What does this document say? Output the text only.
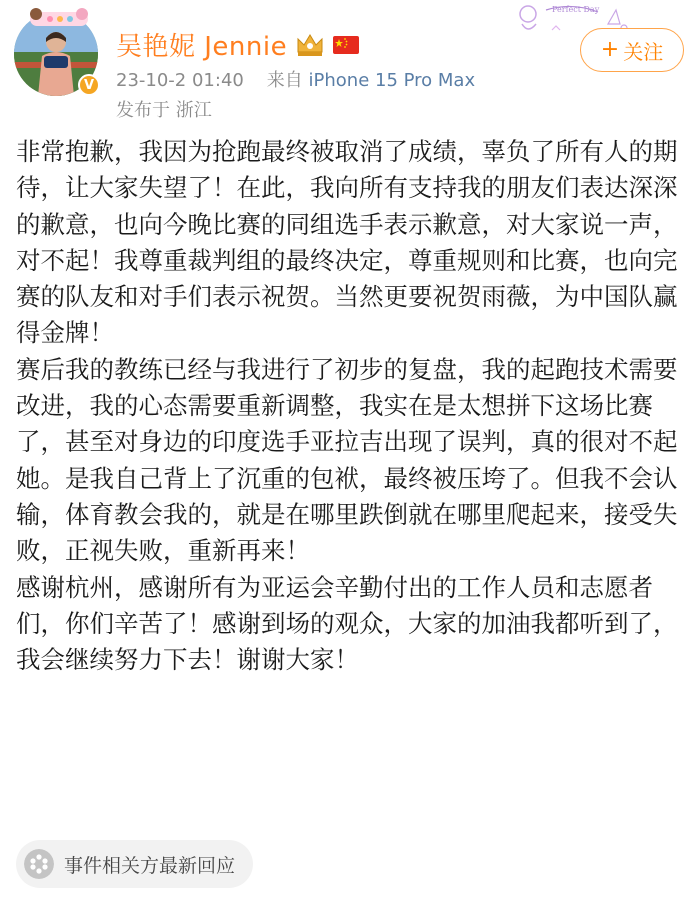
V
吴艳妮 Jennie
23-10-2 01:40 来自 iPhone 15 Pro Max
发布于 浙江
Perfect Day
+ 关注

非常抱歉，我因为抢跑最终被取消了成绩，辜负了所有人的期待，让大家失望了！在此，我向所有支持我的朋友们表达深深的歉意，也向今晚比赛的同组选手表示歉意，对大家说一声，对不起！我尊重裁判组的最终决定，尊重规则和比赛，也向完赛的队友和对手们表示祝贺。当然更要祝贺雨薇，为中国队赢得金牌！

赛后我的教练已经与我进行了初步的复盘，我的起跑技术需要改进，我的心态需要重新调整，我实在是太想拼下这场比赛了，甚至对身边的印度选手亚拉吉出现了误判，真的很对不起她。是我自己背上了沉重的包袱，最终被压垮了。但我不会认输，体育教会我的，就是在哪里跌倒就在哪里爬起来，接受失败，正视失败，重新再来！

感谢杭州，感谢所有为亚运会辛勤付出的工作人员和志愿者们，你们辛苦了！感谢到场的观众，大家的加油我都听到了，我会继续努力下去！谢谢大家！

事件相关方最新回应
